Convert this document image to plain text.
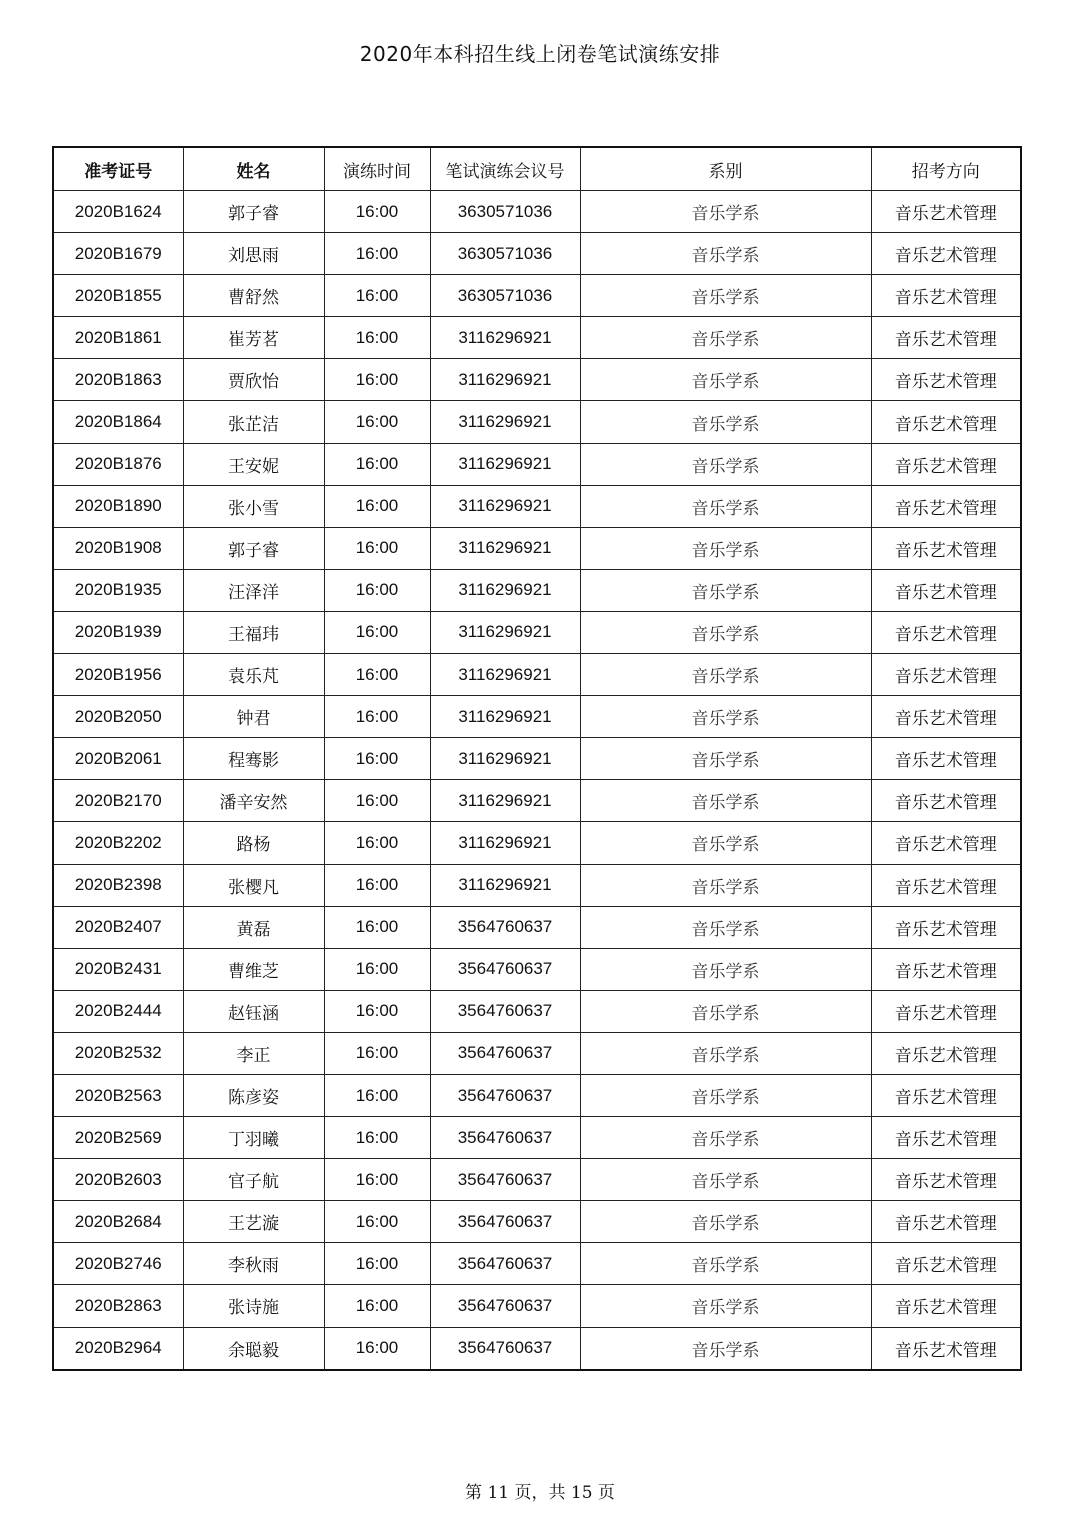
2020年本科招生线上闭卷笔试演练安排
准考证号	姓名	演练时间	笔试演练会议号	系别	招考方向
2020B1624	郭子睿	16:00	3630571036	音乐学系	音乐艺术管理
2020B1679	刘思雨	16:00	3630571036	音乐学系	音乐艺术管理
2020B1855	曹舒然	16:00	3630571036	音乐学系	音乐艺术管理
2020B1861	崔芳茗	16:00	3116296921	音乐学系	音乐艺术管理
2020B1863	贾欣怡	16:00	3116296921	音乐学系	音乐艺术管理
2020B1864	张芷洁	16:00	3116296921	音乐学系	音乐艺术管理
2020B1876	王安妮	16:00	3116296921	音乐学系	音乐艺术管理
2020B1890	张小雪	16:00	3116296921	音乐学系	音乐艺术管理
2020B1908	郭子睿	16:00	3116296921	音乐学系	音乐艺术管理
2020B1935	汪泽洋	16:00	3116296921	音乐学系	音乐艺术管理
2020B1939	王福玮	16:00	3116296921	音乐学系	音乐艺术管理
2020B1956	袁乐芃	16:00	3116296921	音乐学系	音乐艺术管理
2020B2050	钟君	16:00	3116296921	音乐学系	音乐艺术管理
2020B2061	程骞影	16:00	3116296921	音乐学系	音乐艺术管理
2020B2170	潘辛安然	16:00	3116296921	音乐学系	音乐艺术管理
2020B2202	路杨	16:00	3116296921	音乐学系	音乐艺术管理
2020B2398	张樱凡	16:00	3116296921	音乐学系	音乐艺术管理
2020B2407	黄磊	16:00	3564760637	音乐学系	音乐艺术管理
2020B2431	曹维芝	16:00	3564760637	音乐学系	音乐艺术管理
2020B2444	赵钰涵	16:00	3564760637	音乐学系	音乐艺术管理
2020B2532	李正	16:00	3564760637	音乐学系	音乐艺术管理
2020B2563	陈彦姿	16:00	3564760637	音乐学系	音乐艺术管理
2020B2569	丁羽曦	16:00	3564760637	音乐学系	音乐艺术管理
2020B2603	官子航	16:00	3564760637	音乐学系	音乐艺术管理
2020B2684	王艺漩	16:00	3564760637	音乐学系	音乐艺术管理
2020B2746	李秋雨	16:00	3564760637	音乐学系	音乐艺术管理
2020B2863	张诗施	16:00	3564760637	音乐学系	音乐艺术管理
2020B2964	余聪毅	16:00	3564760637	音乐学系	音乐艺术管理
第 11 页，共 15 页
